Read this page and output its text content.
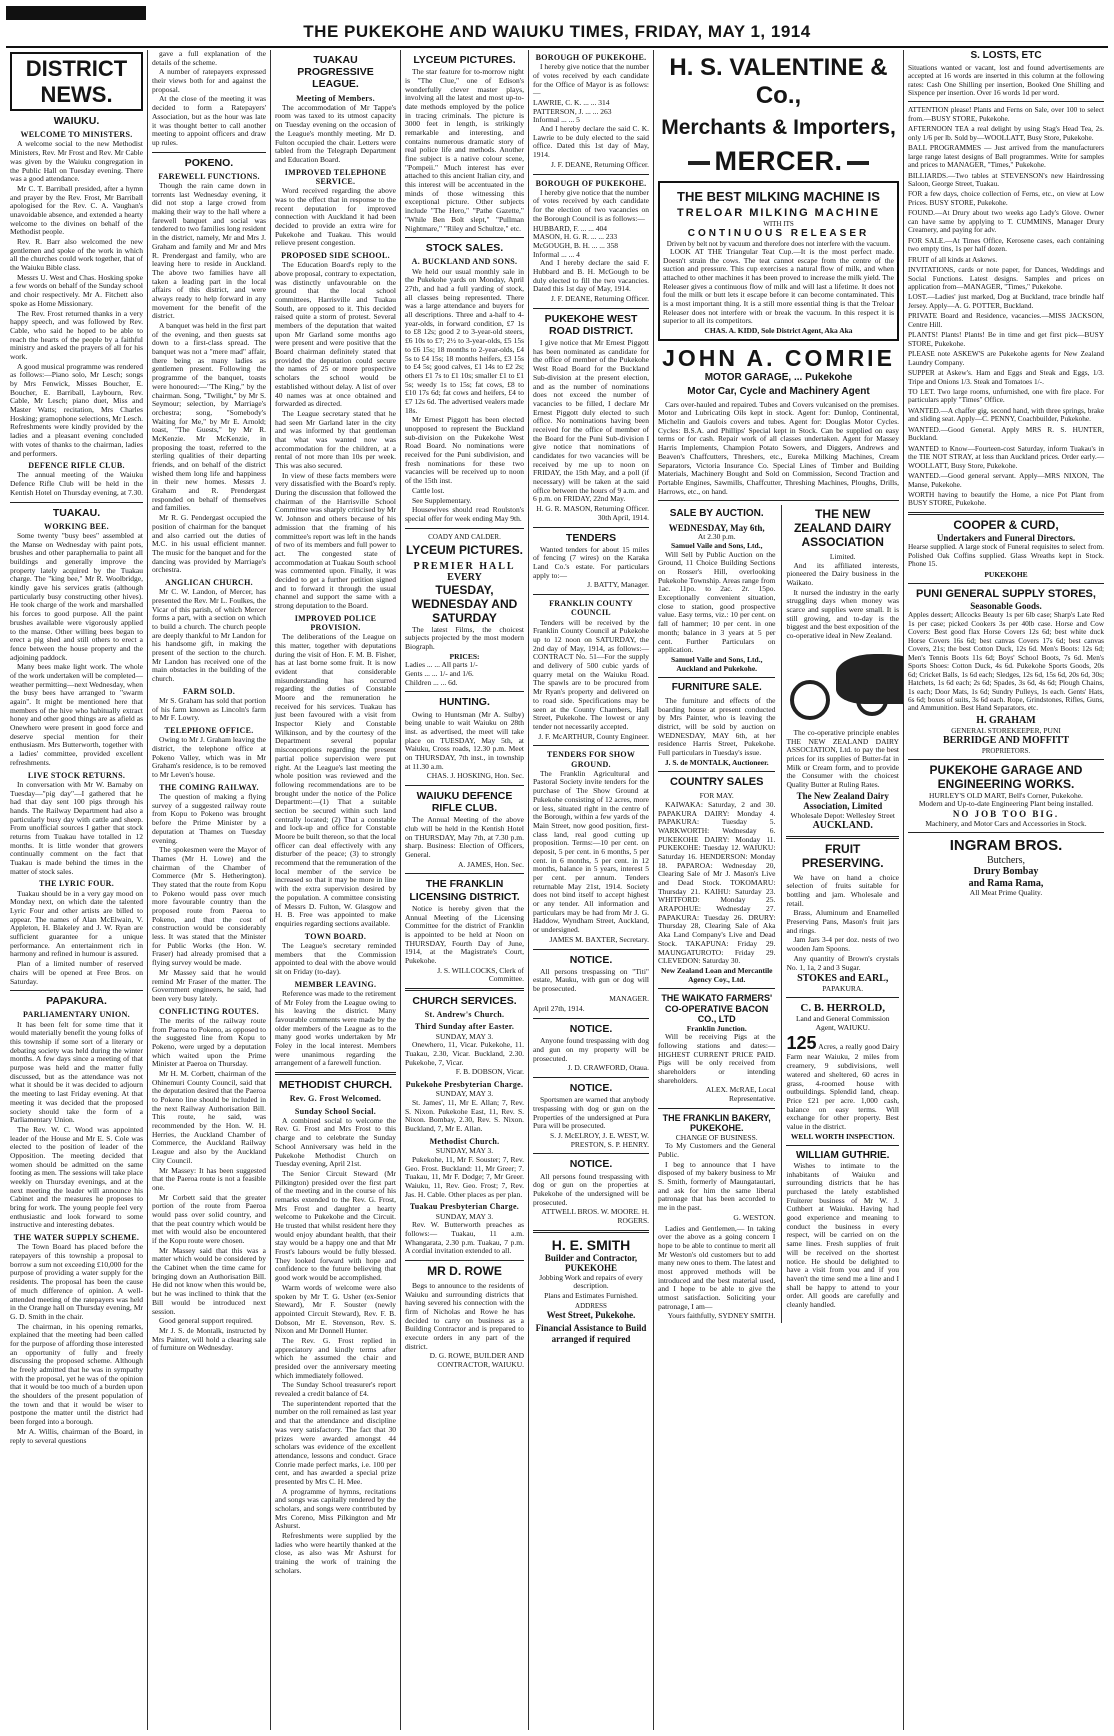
THE PUKEKOHE AND WAIUKU TIMES, FRIDAY, MAY 1, 1914
DISTRICT NEWS.
WAIUKU.
WELCOME TO MINISTERS.

A welcome social to the new Methodist Ministers, Rev. Mr Frost and Rev. Mr Cable was given by the Waiuku congregation in the Public Hall on Tuesday evening. There was a good attendance.

Mr C. T. Barriball presided, after a hymn and prayer by the Rev. Frost, Mr Barriball apologised for the Rev. C. A. Vaughan's unavoidable absence, and extended a hearty welcome to the divines on behalf of the Methodist people.

Rev. R. Barr also welcomed the new gentlemen and spoke of the work in which all the churches could work together, that of the Waiuku Bible class.

Messrs U. West and Chas. Hosking spoke a few words on behalf of the Sunday school and choir respectively. Mr A. Fitchett also spoke as Home Missionary.

The Rev. Frost returned thanks in a very happy speech, and was followed by Rev. Cable, who said he hoped to be able to reach the hearts of the people by a faithful ministry and asked the prayers of all for his work.

A good musical programme was rendered as follows:—Piano solo, Mr Lesch; songs by Mrs Fenwick, Misses Boucher, E. Boucher, E. Barriball, Laybourn, Rev. Cable, Mr Lesch; piano duet, Miss and Master Watts; recitation, Mrs Charles Hosking; gramophone selections, Mr Lesch. Refreshments were kindly provided by the ladies and a pleasant evening concluded with votes of thanks to the chairman, ladies and performers.

DEFENCE RIFLE CLUB.

The annual meeting of the Waiuku Defence Rifle Club will be held in the Kentish Hotel on Thursday evening, at 7.30.

TUAKAU.
WORKING BEE.

Some twenty "busy bees" assembled at the Manse on Wednesday with paint pots, brushes and other paraphernalia to paint all buildings and generally improve the property lately acquired by the Tuakau charge. The "king bee," Mr R. Woolbridge, kindly gave his services gratis (although particularly busy constructing other hives). He took charge of the work and marshalled his forces to good purpose. All the paint brushes available were vigorously applied to the manse. Other willing bees began to erect a pig shed and still others to erect a fence between the house property and the adjoining paddock.

Many bees make light work. The whole of the work undertaken will be completed—weather permitting—next Wednesday, when the busy bees have arranged to "swarm again". It might be mentioned here that members of the hive who habitually extract honey and other good things are as afield as Onewhero were present in good force and deserve special mention for their enthusiasm. Mrs Butterworth, together with a ladies' committee, provided excellent refreshments.

LIVE STOCK RETURNS.

In conversation with Mr W. Barnaby on Tuesday—"pig day"—I gathered that he had that day sent 100 pigs through his hands. The Railway Department had also a particularly busy day with cattle and sheep. From unofficial sources I gather that stock returns from Tuakau have totalled in 12 months. It is little wonder that growers continually comment on the fact that Tuakau is made behind the times in the matter of stock sales.

THE LYRIC FOUR.

Tuakau should be in a very gay mood on Monday next, on which date the talented Lyric Four and other artists are billed to appear. The names of Alan McElwain, V. Appleton, H. Blakeley and J. W. Ryan are sufficient guarantee for a unique performance. An entertainment rich in harmony and refined in humour is assured.

Plan of a limited number of reserved chairs will be opened at Free Bros. on Saturday.

PAPAKURA.
PARLIAMENTARY UNION.

It has been felt for some time that it would materially benefit the young folks of this township if some sort of a literary or debating society was held during the winter months. A few days since a meeting of that purpose was held and the matter fully discussed, but as the attendance was not what it should be it was decided to adjourn the meeting to last Friday evening. At that meeting it was decided that the proposed society should take the form of a Parliamentary Union.

The Rev. W. C. Wood was appointed leader of the House and Mr E. S. Cole was elected to the position of leader of the Opposition. The meeting decided that women should be admitted on the same footing as men. The sessions will take place weekly on Thursday evenings, and at the next meeting the leader will announce his Cabinet and the measures he proposes to bring for work. The young people feel very enthusiastic and look forward to some instructive and interesting debates.

THE WATER SUPPLY SCHEME.

The Town Board has placed before the ratepayers of this township a proposal to borrow a sum not exceeding £10,000 for the purpose of providing a water supply for the residents. The proposal has been the cause of much difference of opinion. A well-attended meeting of the ratepayers was held in the Orange hall on Thursday evening, Mr G. D. Smith in the chair.

The chairman, in his opening remarks, explained that the meeting had been called for the purpose of affording those interested an opportunity of fully and freely discussing the proposed scheme. Although he freely admitted that he was in sympathy with the proposal, yet he was of the opinion that it would be too much of a burden upon the shoulders of the present population of the town and that it would be wiser to postpone the matter until the district had been forged into a borough.

Mr A. Willis, chairman of the Board, in reply to several questions

gave a full explanation of the details of the scheme.

A number of ratepayers expressed their views both for and against the proposal.

At the close of the meeting it was decided to form a Ratepayers' Association, but as the hour was late it was thought better to call another meeting to appoint officers and draw up rules.

POKENO.
FAREWELL FUNCTIONS.

Though the rain came down in torrents last Wednesday evening, it did not stop a large crowd from making their way to the hall where a farewell banquet and social was tendered to two families long resident in the district, namely, Mr and Mrs J. Graham and family and Mr and Mrs R. Prendergast and family, who are leaving here to reside in Auckland. The above two families have all taken a leading part in the local affairs of this district, and were always ready to help forward in any movement for the benefit of the district.

A banquet was held in the first part of the evening, and then guests sat down to a first-class spread. The banquet was not a "mere mad" affair, there being as many ladies as gentlemen present. Following the programme of the banquet, toasts were honoured:—"The King," by the chairman. Song, "Twilight," by Mr S. Seymour; selection, by Marriage's orchestra; song, "Somebody's Waiting for Me," by Mr E. Arnold; toast, "The Guests," by Mr R. McKenzie. Mr McKenzie, in proposing the toast, referred to the sterling qualities of their departing friends, and on behalf of the district wished them long life and happiness in their new homes. Messrs J. Graham and R. Prendergast responded on behalf of themselves and families.

Mr R. G. Pendergast occupied the position of chairman for the banquet and also carried out the duties of M.C. in his usual efficient manner. The music for the banquet and for the dancing was provided by Marriage's orchestra.

ANGLICAN CHURCH.

Mr C. W. Landon, of Mercer, has presented the Rev. Mr L. Foulkes, the Vicar of this parish, of which Mercer forms a part, with a section on which to build a church. The church people are deeply thankful to Mr Landon for his handsome gift, in making the present of the section to the church. Mr Landon has received one of the main obstacles in the building of the church.

FARM SOLD.

Mr S. Graham has sold that portion of his farm known as Lincoln's farm to Mr F. Lowry.

TELEPHONE OFFICE.

Owing to Mr J. Graham leaving the district, the telephone office at Pokeno Valley, which was in Mr Graham's residence, is to be removed to Mr Leven's house.

THE COMING RAILWAY.

The question of making a flying survey of a suggested railway route from Kopu to Pokeno was brought before the Prime Minister by a deputation at Thames on Tuesday evening.

The spokesmen were the Mayor of Thames (Mr H. Lowe) and the chairman of the Chamber of Commerce (Mr S. Hetherington). They stated that the route from Kopu to Pokeno would pass over much more favourable country than the proposed route from Paeroa to Pokeno, and that the cost of construction would be considerably less. It was stated that the Minister for Public Works (the Hon. W. Fraser) had already promised that a flying survey would be made.

Mr Massey said that he would remind Mr Fraser of the matter. The Government engineers, he said, had been very busy lately.

CONFLICTING ROUTES.

The merits of the railway route from Paeroa to Pokeno, as opposed to the suggested line from Kopu to Pokeno, were urged by a deputation which waited upon the Prime Minister at Paeroa on Thursday.

Mr H. M. Corbett, chairman of the Ohinemuri County Council, said that the deputation desired that the Paeroa to Pokeno line should be included in the next Railway Authorisation Bill. This route, he said, was recommended by the Hon. W. H. Herries, the Auckland Chamber of Commerce, the Auckland Railway League and also by the Auckland City Council.

Mr Massey: It has been suggested that the Paeroa route is not a feasible one.

Mr Corbett said that the greater portion of the route from Paeroa would pass over solid country, and that the peat country which would be met with would also be encountered if the Kopu route were chosen.

Mr Massey said that this was a matter which would be considered by the Cabinet when the time came for bringing down an Authorisation Bill. He did not know when this would be, but he was inclined to think that the Bill would be introduced next session.

Good general support required.

Mr J. S. de Montalk, instructed by Mrs Painter, will hold a clearing sale of furniture on Wednesday.

TUAKAU PROGRESSIVE LEAGUE.
Meeting of Members.

The accommodation of Mr Tappe's room was taxed to its utmost capacity on Tuesday evening on the occasion of the League's monthly meeting. Mr D. Fulton occupied the chair. Letters were tabled from the Telegraph Department and Education Board.

IMPROVED TELEPHONE SERVICE.

Word received regarding the above was to the effect that in response to the recent deputation for improved connection with Auckland it had been decided to provide an extra wire for Pukekohe and Tuakau. This would relieve present congestion.

PROPOSED SIDE SCHOOL.

The Education Board's reply to the above proposal, contrary to expectation, was distinctly unfavourable on the ground that the local school committees, Harrisville and Tuakau South, are opposed to it. This decided raised quite a storm of protest. Several members of the deputation that waited upon Mr Garland some months ago were present and were positive that the Board chairman definitely stated that provided the deputation could secure the names of 25 or more prospective scholars the school would be established without delay. A list of over 40 names was at once obtained and forwarded as directed.

The League secretary stated that he had seen Mr Garland later in the city and was informed by that gentleman that what was wanted now was accommodation for the children, at a rental of not more than 10s per week. This was also secured.

In view of these facts members were very dissatisfied with the Board's reply. During the discussion that followed the chairman of the Harrisville School Committee was sharply criticised by Mr W. Johnson and others because of his admission that the framing of his committee's report was left in the hands of two of its members and full power to act. The congested state of accommodation at Tuakau South school was commented upon. Finally, it was decided to get a further petition signed and to forward it through the usual channel and support the same with a strong deputation to the Board.

IMPROVED POLICE PROVISION.

The deliberations of the League on this matter, together with deputations during the visit of Hon. F. M. B. Fisher, has at last borne some fruit. It is now evident that considerable misunderstanding has occurred regarding the duties of Constable Moore and the remuneration he received for his services. Tuakau has just been favoured with a visit from Inspector Kiely and Constable Wilkinson, and by the courtesy of the Department several popular misconceptions regarding the present partial police supervision were put right. At the League's last meeting the whole position was reviewed and the following recommendations are to be brought under the notice of the Police Department:—(1) That a suitable section be secured within such land centrally located; (2) That a constable and lock-up and office for Constable Moore be built thereon, so that the local officer can deal effectively with any disturber of the peace; (3) to strongly recommend that the remuneration of the local member of the service be increased so that it may be more in line with the extra supervision desired by the population. A committee consisting of Messrs D. Fulton, W. Glasgow and H. B. Free was appointed to make enquiries regarding sections available.

TOWN BOARD.

The League's secretary reminded members that the Commission appointed to deal with the above would sit on Friday (to-day).

MEMBER LEAVING.

Reference was made to the retirement of Mr Foley from the League owing to his leaving the district. Many favourable comments were made by the older members of the League as to the many good works undertaken by Mr Foley in the local interest. Members were unanimous regarding the arrangement of a farewell function.

METHODIST CHURCH.
Rev. G. Frost Welcomed.
Sunday School Social.

A combined social to welcome the Rev. G. Frost and Mrs Frost to this charge and to celebrate the Sunday School Anniversary was held in the Pukekohe Methodist Church on Tuesday evening, April 21st.

The Senior Circuit Steward (Mr Pilkington) presided over the first part of the meeting and in the course of his remarks extended to the Rev. G. Frost, Mrs Frost and daughter a hearty welcome to Pukekohe and the Circuit. He trusted that whilst resident here they would enjoy abundant health, that their stay would be a happy one and that Mr Frost's labours would be fully blessed. They looked forward with hope and confidence to the future believing that good work would be accomplished.

Warm words of welcome were also spoken by Mr T. G. Usher (ex-Senior Steward), Mr F. Souster (newly appointed Circuit Steward), Rev. F. B. Dobson, Mr E. Stevenson, Rev. S. Nixon and Mr Donnell Hunter.

The Rev. G. Frost replied in appreciatory and kindly terms after which he assumed the chair and presided over the anniversary meeting which immediately followed.

The Sunday School treasurer's report revealed a credit balance of £4.

The superintendent reported that the number on the roll remained as last year and that the attendance and discipline was very satisfactory. The fact that 30 prizes were awarded amongst 44 scholars was evidence of the excellent attendance, lessons and conduct. Grace Conrie made perfect marks, i.e. 100 per cent, and has awarded a special prize presented by Mrs C. H. Mee.

A programme of hymns, recitations and songs was capitally rendered by the scholars, and songs were contributed by Mrs Coreno, Miss Pilkington and Mr Ashurst.

Refreshments were supplied by the ladies who were heartily thanked at the close, as also was Mr Ashurst for training the work of training the scholars.

LYCEUM PICTURES.

The star feature for to-morrow night is "The Clue," one of Edison's wonderfully clever master plays, involving all the latest and most up-to-date methods employed by the police in tracing criminals. The picture is 3000 feet in length, is strikingly remarkable and interesting, and contains numerous dramatic story of real police life and methods. Another fine subject is a native colour scene, "Pompeii." Much interest has ever attached to this ancient Italian city, and this interest will be accentuated in the minds of those witnessing this exceptional picture. Other subjects include "The Hero," "Pathe Gazette," "While Ben Bolt slept," "Pullman Nightmare," "Riley and Schultze," etc.

STOCK SALES.
A. BUCKLAND AND SONS.

We held our usual monthly sale in the Pukekohe yards on Monday, April 27th, and had a full yarding of stock, all classes being represented. There was a large attendance and buyers for all descriptions. Three and a-half to 4-year-olds, in forward condition, £7 1s to £8 12s; good 2 to 3-year-old steers, £6 10s to £7; 2½ to 3-year-olds, £5 15s to £6 15s; 18 months to 2-year-olds, £4 5s to £4 15s; 18 months heifers, £3 15s to £4 5s; good calves, £1 14s to £2 2s; others £1 7s to £1 10s; smaller £1 to £1 5s; weedy 1s to 15s; fat cows, £8 to £10 17s 6d; fat cows and heifers, £4 to £7 12s 6d. The advertised vealers made 18s.

Mr Ernest Piggott has been elected unopposed to represent the Buckland sub-division on the Pukekohe West Road Board. No nominations were received for the Puni subdivision, and fresh nominations for these two vacancies will be received up to noon of the 15th inst.

Cattle lost.

See Supplementary.

Housewives should read Roulston's special offer for week ending May 9th.

COADY AND CALDER.
LYCEUM PICTURES.
PREMIER HALL
EVERY
TUESDAY, WEDNESDAY AND SATURDAY

The latest Films, the choicest subjects projected by the most modern Biograph.

PRICES:
Ladies ... ... All parts 1/-
Gents ... ... 1/- and 1/6.
Children ... ... 6d.
HUNTING.

Owing to Huntsman (Mr A. Sulby) being unable to wait Waiuku on 28th inst. as advertised, the meet will take place on TUESDAY, May 5th, at Waiuku, Cross roads, 12.30 p.m. Meet on THURSDAY, 7th inst., in township at 11.30 a.m.

CHAS. J. HOSKING, Hon. Sec.
WAIUKU DEFENCE RIFLE CLUB.

The Annual Meeting of the above club will be held in the Kentish Hotel on THURSDAY, May 7th, at 7.30 p.m. sharp. Business: Election of Officers, General.

A. JAMES, Hon. Sec.
THE FRANKLIN LICENSING DISTRICT.

Notice is hereby given that the Annual Meeting of the Licensing Committee for the district of Franklin is appointed to be held at Noon on THURSDAY, Fourth Day of June, 1914, at the Magistrate's Court, Pukekohe.

J. S. WILLCOCKS, Clerk of Committee.
CHURCH SERVICES.
St. Andrew's Church.
Third Sunday after Easter.
SUNDAY, MAY 3.

Onewhero, 11, Vicar. Pukekohe, 11. Tuakau, 2.30, Vicar. Buckland, 2.30. Pukekohe, 7, Vicar.

F. B. DOBSON, Vicar.
Pukekohe Presbyterian Charge.
SUNDAY, MAY 3.

St. James', 11, Mr E. Allan; 7, Rev. S. Nixon. Pukekohe East, 11, Rev. S. Nixon. Bombay, 2.30, Rev. S. Nixon. Buckland, 7, Mr E. Allan.

Methodist Church.
SUNDAY, MAY 3.

Pukekohe, 11, Mr F. Souster; 7, Rev. Geo. Frost. Buckland: 11, Mr Greer; 7. Tuakau, 11, Mr F. Dodge; 7, Mr Greer. Waiuku, 11, Rev. Geo. Frost; 7, Rev. Jas. H. Cable. Other places as per plan.

Tuakau Presbyterian Charge.
SUNDAY, MAY 3.

Rev. W. Butterworth preaches as follows:— Tuakau, 11 a.m. Whangarata, 2.30 p.m. Tuakau, 7 p.m. A cordial invitation extended to all.

MR D. ROWE

Begs to announce to the residents of Waiuku and surrounding districts that having severed his connection with the firm of Nicholas and Rowe he has decided to carry on business as a Building Contractor and is prepared to execute orders in any part of the district.

D. G. ROWE, BUILDER AND CONTRACTOR, WAIUKU.
BOROUGH OF PUKEKOHE.

I hereby give notice that the number of votes received by each candidate for the Office of Mayor is as follows:—

LAWRIE, C. K. ... ... 314
PATTERSON, J. ... ... 263
Informal ... ... 5

And I hereby declare the said C. K. Lawrie to be duly elected to the said office. Dated this 1st day of May, 1914.

J. F. DEANE, Returning Officer.
BOROUGH OF PUKEKOHE.

I hereby give notice that the number of votes received by each candidate for the election of two vacancies on the Borough Council is as follows:—

HUBBARD, F. ... ... 404
MASON, H. G. R. ... ... 233
McGOUGH, B. H. ... ... 358
Informal ... ... 4

And I hereby declare the said F. Hubbard and B. H. McGough to be duly elected to fill the two vacancies. Dated this 1st day of May, 1914.

J. F. DEANE, Returning Officer.
PUKEKOHE WEST ROAD DISTRICT.

I give notice that Mr Ernest Piggott has been nominated as candidate for the office of member of the Pukekohe West Road Board for the Buckland Sub-division at the present election, and as the number of nominations does not exceed the number of vacancies to be filled, I declare Mr Ernest Piggott duly elected to such office. No nominations having been received for the office of member of the Board for the Puni Sub-division I give notice that nominations of candidates for two vacancies will be received by me up to noon on FRIDAY, the 15th May, and a poll (if necessary) will be taken at the said office between the hours of 9 a.m. and 6 p.m. on FRIDAY, 22nd May.

H. G. R. MASON, Returning Officer. 30th April, 1914.
TENDERS

Wanted tenders for about 15 miles of fencing (7 wires) on the Karaka Land Co.'s estate. For particulars apply to:—

J. BATTY, Manager.
FRANKLIN COUNTY COUNCIL

Tenders will be received by the Franklin County Council at Pukekohe up to 12 noon on SATURDAY, the 2nd day of May, 1914, as follows:— CONTRACT No. 51—For the supply and delivery of 500 cubic yards of quarry metal on the Waiuku Road. The spawls are to be procured from Mr Ryan's property and delivered on to road side. Specifications may be seen at the County Chambers, Hall Street, Pukekohe. The lowest or any tender not necessarily accepted.

J. F. McARTHUR, County Engineer.
TENDERS FOR SHOW GROUND.

The Franklin Agricultural and Pastoral Society invite tenders for the purchase of The Show Ground at Pukekohe consisting of 12 acres, more or less, situated right in the centre of the Borough, within a few yards of the Main Street, now good position, first-class land, real good cutting up proposition. Terms:—10 per cent. on deposit, 5 per cent. in 6 months, 5 per cent. in 6 months, 5 per cent. in 12 months, balance in 5 years, interest 5 per cent. per annum. Tenders returnable May 21st, 1914. Society does not bind itself to accept highest or any tender. All information and particulars may be had from Mr J. G. Haddow, Wyndham Street, Auckland, or undersigned.

JAMES M. BAXTER, Secretary.
NOTICE.

All persons trespassing on "Titi" estate, Mauku, with gun or dog will be prosecuted.

MANAGER.
April 27th, 1914.
NOTICE.

Anyone found trespassing with dog and gun on my property will be prosecuted.

J. D. CRAWFORD, Otaua.
NOTICE.

Sportsmen are warned that anybody trespassing with dog or gun on the Properties of the undersigned at Pura Pura will be prosecuted.

S. J. McELROY, J. E. WEST, W. PRESTON, S. P. HENRY.
NOTICE.

All persons found trespassing with dog or gun on the properties at Pukekohe of the undersigned will be prosecuted.

ATTWELL BROS. W. MOORE. H. ROGERS.
H. E. SMITH
Builder and Contractor, PUKEKOHE

Jobbing Work and repairs of every description.

Plans and Estimates Furnished.

ADDRESS
West Street, Pukekohe.
Financial Assistance to Build arranged if required
H. S. VALENTINE & Co.,
Merchants & Importers,
MERCER.
THE BEST MILKING MACHINE IS
TRELOAR MILKING MACHINE
WITH ITS
CONTINUOUS RELEASER
Driven by belt not by vacuum and therefore does not interfere with the vacuum.

LOOK AT THE Triangular Teat Cup.—It is the most perfect made. Doesn't strain the cows. The teat cannot escape from the centre of the suction and pressure. This cup exercises a natural flow of milk, and when attached to other machines it has been proved to increase the milk yield. The Releaser gives a continuous flow of milk and will last a lifetime. It does not foul the milk or butt lets it escape before it can become contaminated. This is a most important thing. It is a still more essential thing is that the Treloar Releaser does not interfere with or break the vacuum. In this respect it is superior to all its competitors.

CHAS. A. KIDD, Sole District Agent, Aka Aka
JOHN A. COMRIE
MOTOR GARAGE, ... Pukekohe
Motor Car, Cycle and Machinery Agent

Cars over-hauled and repaired. Tubes and Covers vulcanised on the premises. Motor and Lubricating Oils kept in stock. Agent for: Dunlop, Continental, Michelin and Gaulois covers and tubes. Agent for: Douglas Motor Cycles. Cycles: B.S.A. and Phillips' Special kept in Stock. Can be supplied on easy terms or for cash. Repair work of all classes undertaken. Agent for Massey Harris Implements, Champion Potato Sowers, and Diggers, Andrews and Beaven's Chaffcutters, Threshers, etc., Eureka Milking Machines, Cream Separators, Victoria Insurance Co. Special Lines of Timber and Building Materials, Machinery Bought and Sold on Commission, Second Traction and Portable Engines, Sawmills, Chaffcutter, Threshing Machines, Ploughs, Drills, Harrows, etc., on hand.

SALE BY AUCTION.
WEDNESDAY, May 6th,
At 2.30 p.m.
Samuel Vaile and Sons, Ltd.,

Will Sell by Public Auction on the Ground, 11 Choice Building Sections on Rosser's Hill, overlooking Pukekohe Township. Areas range from 1ac. 11po. to 2ac. 2r. 15po. Exceptionally convenient situation, close to station, good prospective value. Easy terms, viz.: 10 per cent. on fall of hammer; 10 per cent. in one month; balance in 3 years at 5 per cent. Further Particulars on application.

Samuel Vaile and Sons, Ltd., Auckland and Pukekohe.
FURNITURE SALE.

The furniture and effects of the boarding house at present conducted by Mrs Painter, who is leaving the district, will be sold by auction on WEDNESDAY, MAY 6th, at her residence Harris Street, Pukekohe. Full particulars in Tuesday's issue.

J. S. de MONTALK, Auctioneer.
COUNTRY SALES
FOR MAY.

KAIWAKA: Saturday, 2 and 30. PAPAKURA DAIRY: Monday 4. PAPAKURA: Tuesday 5. WARKWORTH: Wednesday 6. PUKEKOHE DAIRY: Monday 11. PUKEKOHE: Tuesday 12. WAIUKU: Saturday 16. HENDERSON: Monday 18. PAPAROA: Wednesday 20, Clearing Sale of Mr J. Mason's Live and Dead Stock. TOKOMARU: Thursday 21. KAIHU: Saturday 23. WHITFORD: Monday 25. ARAPOHUE: Wednesday 27. PAPAKURA: Tuesday 26. DRURY: Thursday 28, Clearing Sale of Aka Aka Land Company's Live and Dead Stock. TAKAPUNA: Friday 29. MAUNGATUROTO: Friday 29. CLEVEDON: Saturday 30.

New Zealand Loan and Mercantile Agency Coy., Ltd.
THE WAIKATO FARMERS' CO-OPERATIVE BACON CO., LTD
Franklin Junction.

Will be receiving Pigs at the following stations and dates:— HIGHEST CURRENT PRICE PAID. Pigs will be only received from shareholders or intending shareholders.

ALEX. McRAE, Local Representative.
THE FRANKLIN BAKERY, PUKEKOHE.
CHANGE OF BUSINESS.

To My Customers and the General Public.

I beg to announce that I have disposed of my bakery business to Mr S. Smith, formerly of Maungatautari, and ask for him the same liberal patronage that has been accorded to me in the past.

G. WESTON.

Ladies and Gentlemen,— In taking over the above as a going concern I hope to be able to continue to merit all Mr Weston's old customers but to add many new ones to them. The latest and most approved methods will be introduced and the best material used, and I hope to be able to give the utmost satisfaction. Soliciting your patronage, I am—

Yours faithfully, SYDNEY SMITH.
THE NEW ZEALAND DAIRY ASSOCIATION
Limited.

And its affiliated interests, pioneered the Dairy business in the Waikato.

It nursed the industry in the early struggling days when money was scarce and supplies were small. It is still growing, and to-day is the biggest and the best exposition of the co-operative ideal in New Zealand.

The co-operative principle enables THE NEW ZEALAND DAIRY ASSOCIATION, Ltd. to pay the best prices for its supplies of Butter-fat in Milk or Cream form, and to provide the Consumer with the choicest Quality Butter at Ruling Rates.

The New Zealand Dairy Association, Limited
Wholesale Depot: Wellesley Street
AUCKLAND.
FRUIT PRESERVING.

We have on hand a choice selection of fruits suitable for bottling and jam. Wholesale and retail.

Brass, Aluminum and Enamelled Preserving Pans, Mason's fruit jars and rings.

Jam Jars 3-4 per doz. nests of two wooden Jam Spoons.

Any quantity of Brown's crystals No. 1, 1a, 2 and 3 Sugar.

STOKES and EARL,
PAPAKURA.
C. B. HERROLD,
Land and General Commission Agent, WAIUKU.

125 Acres, a really good Dairy Farm near Waiuku, 2 miles from creamery, 9 subdivisions, well watered and sheltered, 60 acres in grass, 4-roomed house with outbuildings. Splendid land, cheap. Price £21 per acre. 1,000 cash, balance on easy terms. Will exchange for other property. Best value in the district.

WELL WORTH INSPECTION.
WILLIAM GUTHRIE.

Wishes to intimate to the inhabitants of Waiuku and surrounding districts that he has purchased the lately established Fruiterer business of Mr W. J. Cuthbert at Waiuku. Having had good experience and meaning to conduct the business in every respect, will be carried on on the same lines. Fresh supplies of fruit will be received on the shortest notice. He should be delighted to have a visit from you and if you haven't the time send me a line and I shall be happy to attend to your order. All goods are carefully and cleanly handled.

S. LOSTS, ETC

Situations wanted or vacant, lost and found advertisements are accepted at 16 words are inserted in this column at the following rates: Cash One Shilling per insertion, Booked One Shilling and Sixpence per insertion. Over 16 words 1d per word.

ATTENTION please! Plants and Ferns on Sale, over 100 to select from.—BUSY STORE, Pukekohe.

AFTERNOON TEA a real delight by using Stag's Head Tea, 2s. only 1/6 per lb. Sold by—WOOLLATT, Busy Store, Pukekohe.

BALL PROGRAMMES — Just arrived from the manufacturers large range latest designs of Ball programmes. Write for samples and prices to MANAGER, "Times," Pukekohe.

BILLIARDS.—Two tables at STEVENSON's new Hairdressing Saloon, George Street, Tuakau.

FOR a few days, choice collection of Ferns, etc., on view at Low Prices. BUSY STORE, Pukekohe.

FOUND.—At Drury about two weeks ago Lady's Glove. Owner can have same by applying to T. CUMMINS, Manager Drury Creamery, and paying for adv.

FOR SALE.—At Times Office, Kerosene cases, each containing two empty tins, 1s per half dozen.

FRUIT of all kinds at Askews.

INVITATIONS, cards or note paper, for Dances, Weddings and Social Functions. Latest designs. Samples and prices on application from—MANAGER, "Times," Pukekohe.

LOST.—Ladies' just marked, Dog at Buckland, trace brindle half Jersey. Apply—A. G. POTTER, Buckland.

PRIVATE Board and Residence, vacancies.—MISS JACKSON, Centre Hill.

PLANTS! Plants! Plants! Be in time and get first pick—BUSY STORE, Pukekohe.

PLEASE note ASKEW'S are Pukekohe agents for New Zealand Laundry Company.

SUPPER at Askew's. Ham and Eggs and Steak and Eggs, 1/3. Tripe and Onions 1/3. Steak and Tomatoes 1/-.

TO LET. Two large rooms, unfurnished, one with fire place. For particulars apply "Times" Office.

WANTED.—A chaffer gig, second hand, with three springs, brake and sliding seat. Apply—C. PENNY, Coachbuilder, Pukekohe.

WANTED.—Good General. Apply MRS R. S. HUNTER, Buckland.

WANTED to Know—Fourteen-cost Saturday, inform Tuakau's in the TIE NOT STRAY, at less than Auckland prices. Order early.—WOOLLATT, Busy Store, Pukekohe.

WANTED.—Good general servant. Apply—MRS NIXON, The Manse, Pukekohe.

WORTH having to beautify the Home, a nice Pot Plant from BUSY STORE, Pukekohe.

COOPER & CURD,
Undertakers and Funeral Directors.

Hearse supplied. A large stock of Funeral requisites to select from. Polished Oak Coffins supplied. Glass Wreaths kept in Stock. Phone 15.

PUKEKOHE
PUNI GENERAL SUPPLY STORES,
Seasonable Goods.

Apples dessert; Allcocks Beauty 1s per 6lb case; Sharp's Late Red 1s per case; picked Cookers 3s per 40lb case. Horse and Cow Covers: Best good flax Horse Covers 12s 6d; best white duck Horse Covers 16s 6d; best canvas Covers 17s 6d; best canvas Covers, 21s; the best Cotton Duck, 12s 6d. Men's Boots: 12s 6d; Men's Tennis Boots 11s 6d; Boys' School Boots, 7s 6d. Men's Sports Shoes: Cotton Duck, 4s 6d. Pukekohe Sports Goods, 20s 6d; Cricket Balls, 1s 6d each; Sledges, 12s 6d, 15s 6d, 20s 6d, 30s; Hatchets, 1s 6d each; 2s 6d; Spades, 3s 6d, 4s 6d; Plough Chains, 1s each; Door Mats, 1s 6d; Sundry Pulleys, 1s each. Gents' Hats, 6s 6d; boxes of suits, 3s 6d each. Rope, Grindstones, Rifles, Guns, and Ammunition. Best Hand Separators, etc.

H. GRAHAM
GENERAL STOREKEEPER, PUNI
BERRIDGE AND MOFFITT
PROPRIETORS.
PUKEKOHE GARAGE AND ENGINEERING WORKS.
HURLEY'S OLD MART, Bell's Corner, Pukekohe.
Modern and Up-to-date Engineering Plant being installed.
NO JOB TOO BIG.
Machinery, and Motor Cars and Accessories in Stock.
INGRAM BROS.
Butchers,
Drury Bombay
and Rama Rama,
All Meat Prime Quality.
